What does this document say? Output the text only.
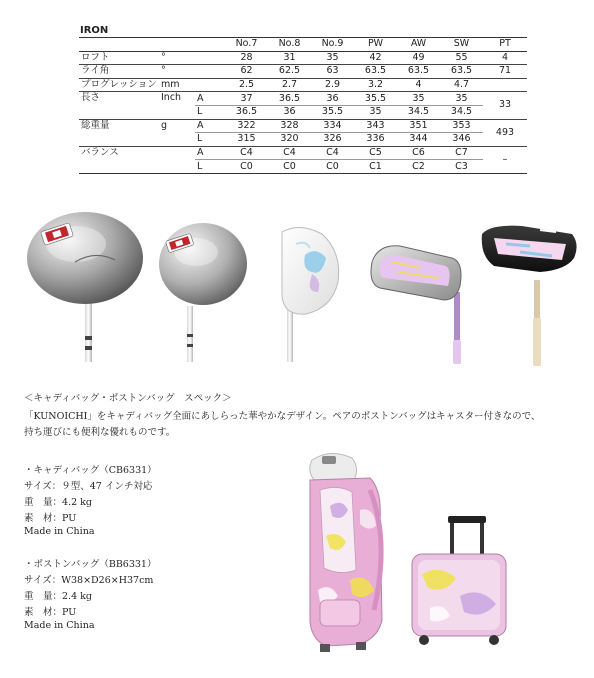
IRON
			No.7	No.8	No.9	PW	AW	SW	PT
ロフト	°		28	31	35	42	49	55	4
ライ角	°		62	62.5	63	63.5	63.5	63.5	71
プログレッション	mm		2.5	2.7	2.9	3.2	4	4.7	
長さ	Inch	A	37	36.5	36	35.5	35	35	33
		L	36.5	36	35.5	35	34.5	34.5	
総重量	g	A	322	328	334	343	351	353	493
		L	315	320	326	336	344	346	
バランス		A	C4	C4	C4	C5	C6	C7	–
		L	C0	C0	C0	C1	C2	C3	
＜キャディバッグ・ボストンバッグ　スペック＞
「KUNOICHI」をキャディバッグ全面にあしらった華やかなデザイン。ペアのボストンバッグはキャスター付きなので、
持ち運びにも便利な優れものです。
・キャディバッグ（CB6331）
サイズ：９型、47 インチ対応
重　量：4.2 kg
素　材：PU
Made in China
・ボストンバッグ（BB6331）
サイズ：W38×D26×H37cm
重　量：2.4 kg
素　材：PU
Made in China
